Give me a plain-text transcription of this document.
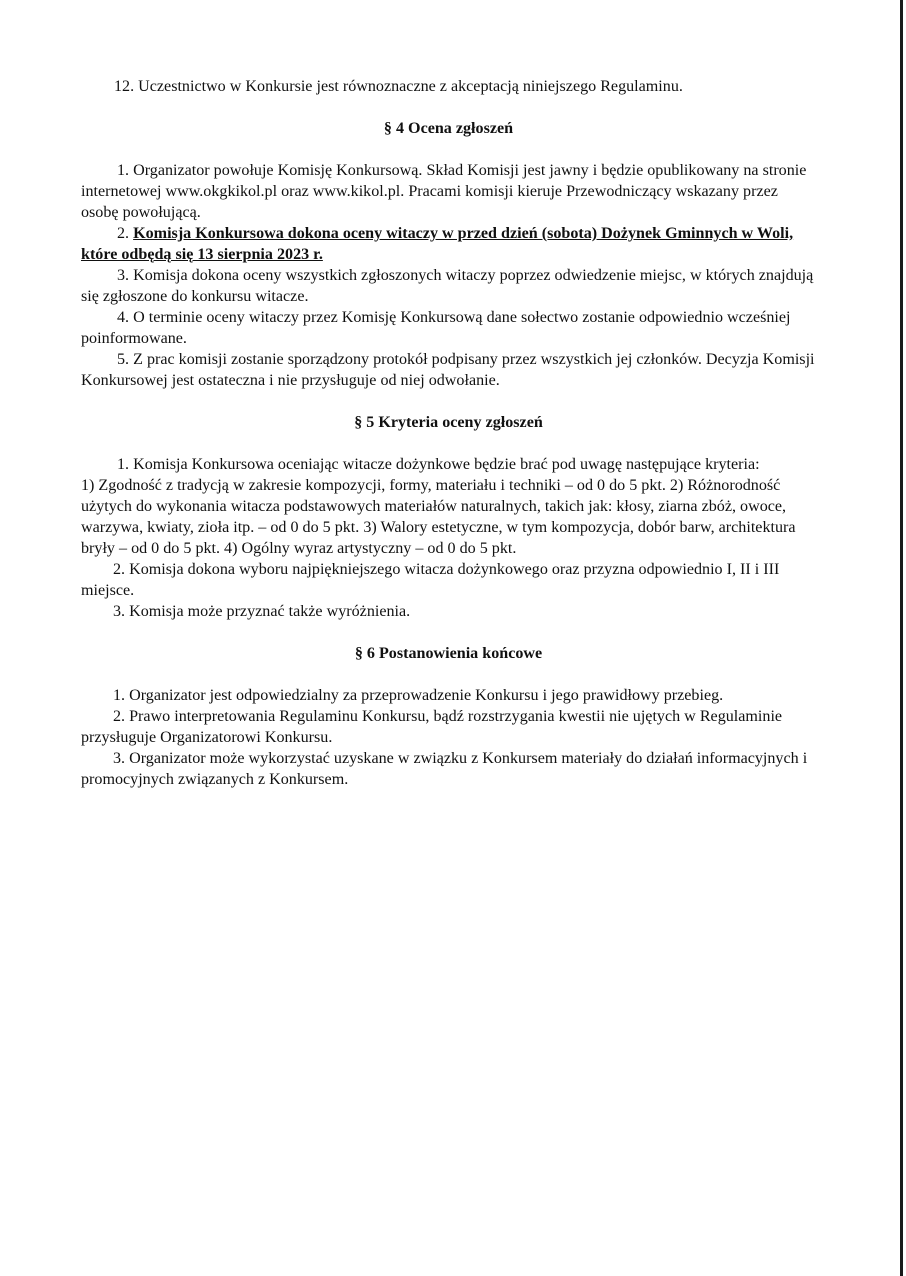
12. Uczestnictwo w Konkursie jest równoznaczne z akceptacją niniejszego Regulaminu.

§ 4 Ocena zgłoszeń

1. Organizator powołuje Komisję Konkursową. Skład Komisji jest jawny i będzie opublikowany na stronie internetowej www.okgkikol.pl oraz www.kikol.pl. Pracami komisji kieruje Przewodniczący wskazany przez osobę powołującą.

2. Komisja Konkursowa dokona oceny witaczy w przed dzień (sobota) Dożynek Gminnych w Woli, które odbędą się 13 sierpnia 2023 r.

3. Komisja dokona oceny wszystkich zgłoszonych witaczy poprzez odwiedzenie miejsc, w których znajdują się zgłoszone do konkursu witacze.

4. O terminie oceny witaczy przez Komisję Konkursową dane sołectwo zostanie odpowiednio wcześniej poinformowane.

5. Z prac komisji zostanie sporządzony protokół podpisany przez wszystkich jej członków. Decyzja Komisji Konkursowej jest ostateczna i nie przysługuje od niej odwołanie.

§ 5 Kryteria oceny zgłoszeń

1. Komisja Konkursowa oceniając witacze dożynkowe będzie brać pod uwagę następujące kryteria:

1) Zgodność z tradycją w zakresie kompozycji, formy, materiału i techniki – od 0 do 5 pkt. 2) Różnorodność użytych do wykonania witacza podstawowych materiałów naturalnych, takich jak: kłosy, ziarna zbóż, owoce, warzywa, kwiaty, zioła itp. – od 0 do 5 pkt. 3) Walory estetyczne, w tym kompozycja, dobór barw, architektura bryły – od 0 do 5 pkt. 4) Ogólny wyraz artystyczny – od 0 do 5 pkt.

2. Komisja dokona wyboru najpiękniejszego witacza dożynkowego oraz przyzna odpowiednio I, II i III miejsce.

3. Komisja może przyznać także wyróżnienia.

§ 6 Postanowienia końcowe

1. Organizator jest odpowiedzialny za przeprowadzenie Konkursu i jego prawidłowy przebieg.

2. Prawo interpretowania Regulaminu Konkursu, bądź rozstrzygania kwestii nie ujętych w Regulaminie przysługuje Organizatorowi Konkursu.

3. Organizator może wykorzystać uzyskane w związku z Konkursem materiały do działań informacyjnych i promocyjnych związanych z Konkursem.
